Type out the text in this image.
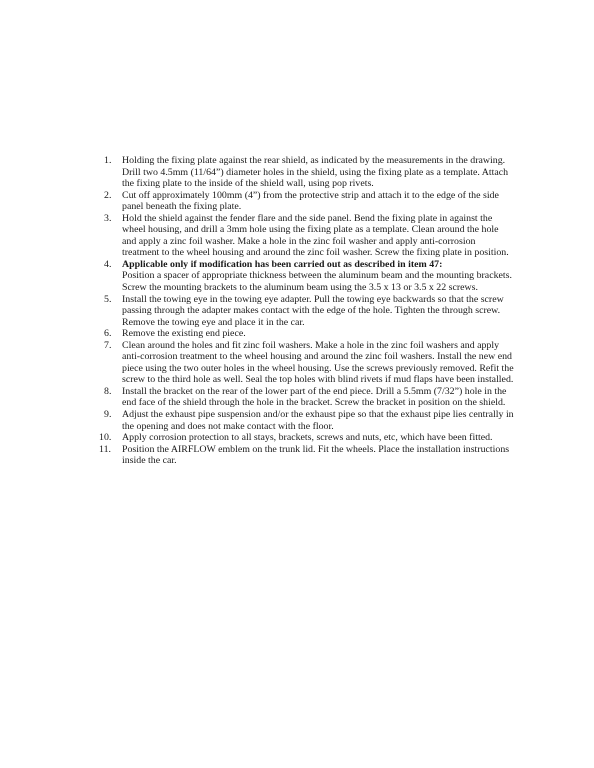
1.	Holding the fixing plate against the rear shield, as indicated by the measurements in the drawing. Drill two 4.5mm (11/64”) diameter holes in the shield, using the fixing plate as a template. Attach the fixing plate to the inside of the shield wall, using pop rivets.
2.	Cut off approximately 100mm (4”) from the protective strip and attach it to the edge of the side panel beneath the fixing plate.
3.	Hold the shield against the fender flare and the side panel. Bend the fixing plate in against the wheel housing, and drill a 3mm hole using the fixing plate as a template. Clean around the hole and apply a zinc foil washer. Make a hole in the zinc foil washer and apply anti-corrosion treatment to the wheel housing and around the zinc foil washer. Screw the fixing plate in position.
4.	Applicable only if modification has been carried out as described in item 47:
Position a spacer of appropriate thickness between the aluminum beam and the mounting brackets. Screw the mounting brackets to the aluminum beam using the 3.5 x 13 or 3.5 x 22 screws.
5.	Install the towing eye in the towing eye adapter. Pull the towing eye backwards so that the screw passing through the adapter makes contact with the edge of the hole. Tighten the through screw. Remove the towing eye and place it in the car.
6.	Remove the existing end piece.
7.	Clean around the holes and fit zinc foil washers. Make a hole in the zinc foil washers and apply anti-corrosion treatment to the wheel housing and around the zinc foil washers. Install the new end piece using the two outer holes in the wheel housing. Use the screws previously removed. Refit the screw to the third hole as well. Seal the top holes with blind rivets if mud flaps have been installed.
8.	Install the bracket on the rear of the lower part of the end piece. Drill a 5.5mm (7/32”) hole in the end face of the shield through the hole in the bracket. Screw the bracket in position on the shield.
9.	Adjust the exhaust pipe suspension and/or the exhaust pipe so that the exhaust pipe lies centrally in the opening and does not make contact with the floor.
10.	Apply corrosion protection to all stays, brackets, screws and nuts, etc, which have been fitted.
11.	Position the AIRFLOW emblem on the trunk lid. Fit the wheels. Place the installation instructions inside the car.
